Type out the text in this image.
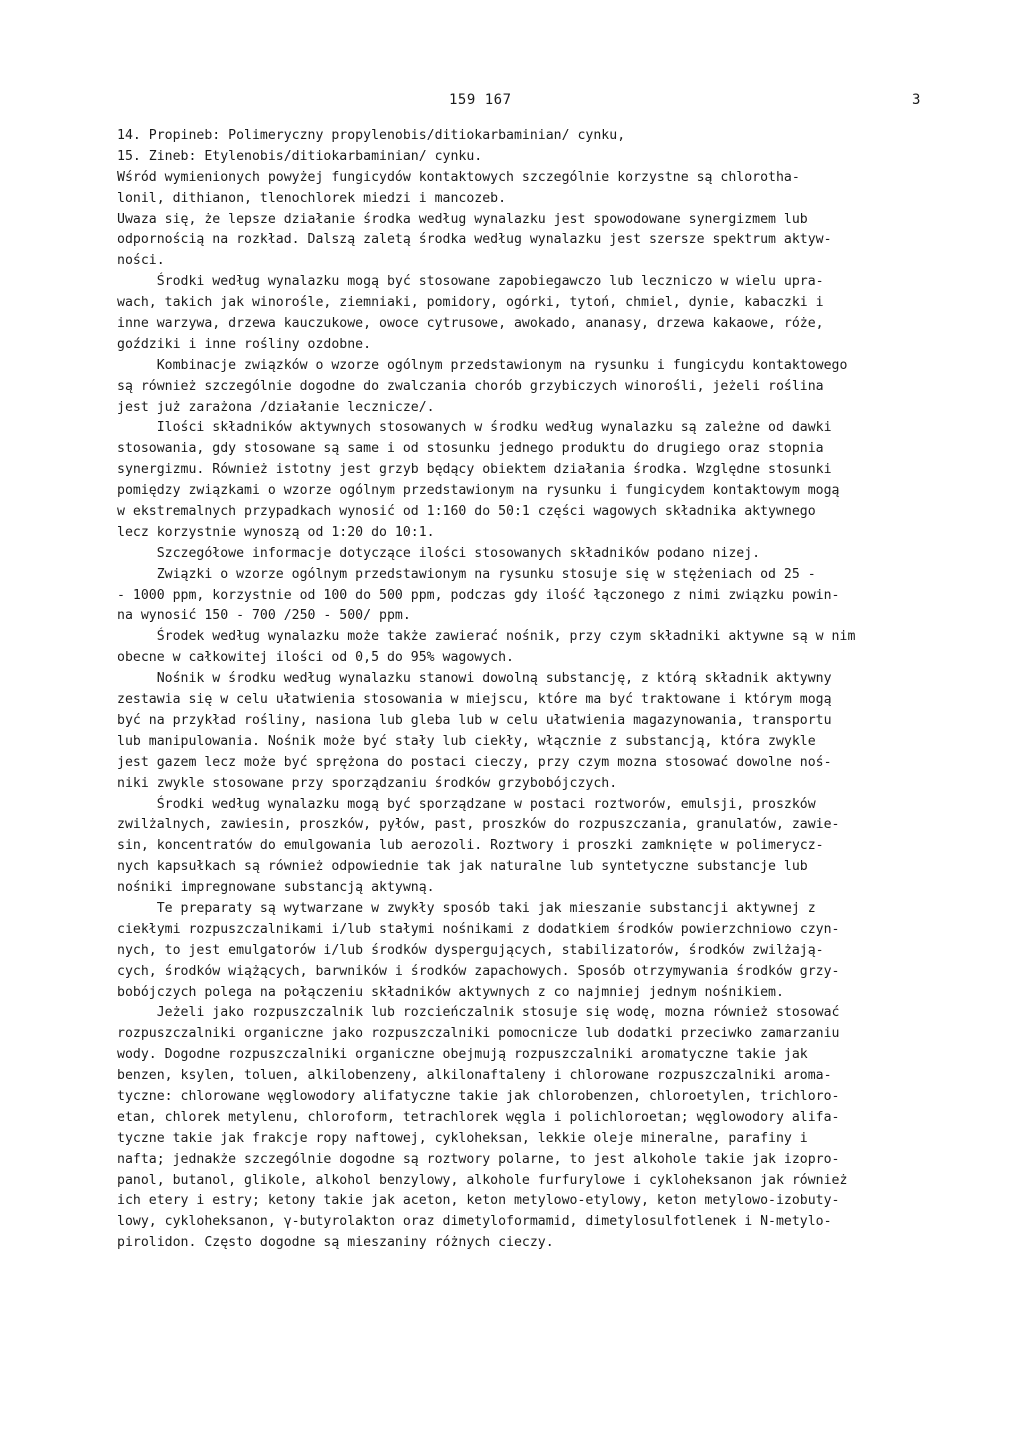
159 167	3
14. Propineb: Polimeryczny propylenobis/ditiokarbaminian/ cynku,
15. Zineb: Etylenobis/ditiokarbaminian/ cynku.
Wśród wymienionych powyżej fungicydów kontaktowych szczególnie korzystne są chlorotha-
lonil, dithianon, tlenochlorek miedzi i mancozeb.
Uwaza się, że lepsze działanie środka według wynalazku jest spowodowane synergizmem lub
odpornością na rozkład. Dalszą zaletą środka według wynalazku jest szersze spektrum aktyw-
ności.
Środki według wynalazku mogą być stosowane zapobiegawczo lub leczniczo w wielu upra-
wach, takich jak winorośle, ziemniaki, pomidory, ogórki, tytoń, chmiel, dynie, kabaczki i
inne warzywa, drzewa kauczukowe, owoce cytrusowe, awokado, ananasy, drzewa kakaowe, róże,
goździki i inne rośliny ozdobne.
Kombinacje związków o wzorze ogólnym przedstawionym na rysunku i fungicydu kontaktowego
są również szczególnie dogodne do zwalczania chorób grzybiczych winorośli, jeżeli roślina
jest już zarażona /działanie lecznicze/.
Ilości składników aktywnych stosowanych w środku według wynalazku są zależne od dawki
stosowania, gdy stosowane są same i od stosunku jednego produktu do drugiego oraz stopnia
synergizmu. Również istotny jest grzyb będący obiektem działania środka. Względne stosunki
pomiędzy związkami o wzorze ogólnym przedstawionym na rysunku i fungicydem kontaktowym mogą
w ekstremalnych przypadkach wynosić od 1:160 do 50:1 części wagowych składnika aktywnego
lecz korzystnie wynoszą od 1:20 do 10:1.
Szczegółowe informacje dotyczące ilości stosowanych składników podano nizej.
Związki o wzorze ogólnym przedstawionym na rysunku stosuje się w stężeniach od 25 -
- 1000 ppm, korzystnie od 100 do 500 ppm, podczas gdy ilość łączonego z nimi związku powin-
na wynosić 150 - 700 /250 - 500/ ppm.
Środek według wynalazku może także zawierać nośnik, przy czym składniki aktywne są w nim
obecne w całkowitej ilości od 0,5 do 95% wagowych.
Nośnik w środku według wynalazku stanowi dowolną substancję, z którą składnik aktywny
zestawia się w celu ułatwienia stosowania w miejscu, które ma być traktowane i którym mogą
być na przykład rośliny, nasiona lub gleba lub w celu ułatwienia magazynowania, transportu
lub manipulowania. Nośnik może być stały lub ciekły, włącznie z substancją, która zwykle
jest gazem lecz może być sprężona do postaci cieczy, przy czym mozna stosować dowolne noś-
niki zwykle stosowane przy sporządzaniu środków grzybobójczych.
Środki według wynalazku mogą być sporządzane w postaci roztworów, emulsji, proszków
zwilżalnych, zawiesin, proszków, pyłów, past, proszków do rozpuszczania, granulatów, zawie-
sin, koncentratów do emulgowania lub aerozoli. Roztwory i proszki zamknięte w polimerycz-
nych kapsułkach są również odpowiednie tak jak naturalne lub syntetyczne substancje lub
nośniki impregnowane substancją aktywną.
Te preparaty są wytwarzane w zwykły sposób taki jak mieszanie substancji aktywnej z
ciekłymi rozpuszczalnikami i/lub stałymi nośnikami z dodatkiem środków powierzchniowo czyn-
nych, to jest emulgatorów i/lub środków dyspergujących, stabilizatorów, środków zwilżają-
cych, środków wiążących, barwników i środków zapachowych. Sposób otrzymywania środków grzy-
bobójczych polega na połączeniu składników aktywnych z co najmniej jednym nośnikiem.
Jeżeli jako rozpuszczalnik lub rozcieńczalnik stosuje się wodę, mozna również stosować
rozpuszczalniki organiczne jako rozpuszczalniki pomocnicze lub dodatki przeciwko zamarzaniu
wody. Dogodne rozpuszczalniki organiczne obejmują rozpuszczalniki aromatyczne takie jak
benzen, ksylen, toluen, alkilobenzeny, alkilonaftaleny i chlorowane rozpuszczalniki aroma-
tyczne: chlorowane węglowodory alifatyczne takie jak chlorobenzen, chloroetylen, trichloro-
etan, chlorek metylenu, chloroform, tetrachlorek węgla i polichloroetan; węglowodory alifa-
tyczne takie jak frakcje ropy naftowej, cykloheksan, lekkie oleje mineralne, parafiny i
nafta; jednakże szczególnie dogodne są roztwory polarne, to jest alkohole takie jak izopro-
panol, butanol, glikole, alkohol benzylowy, alkohole furfurylowe i cykloheksanon jak również
ich etery i estry; ketony takie jak aceton, keton metylowo-etylowy, keton metylowo-izobuty-
lowy, cykloheksanon, γ-butyrolakton oraz dimetyloformamid, dimetylosulfotlenek i N-metylo-
pirolidon. Często dogodne są mieszaniny różnych cieczy.
